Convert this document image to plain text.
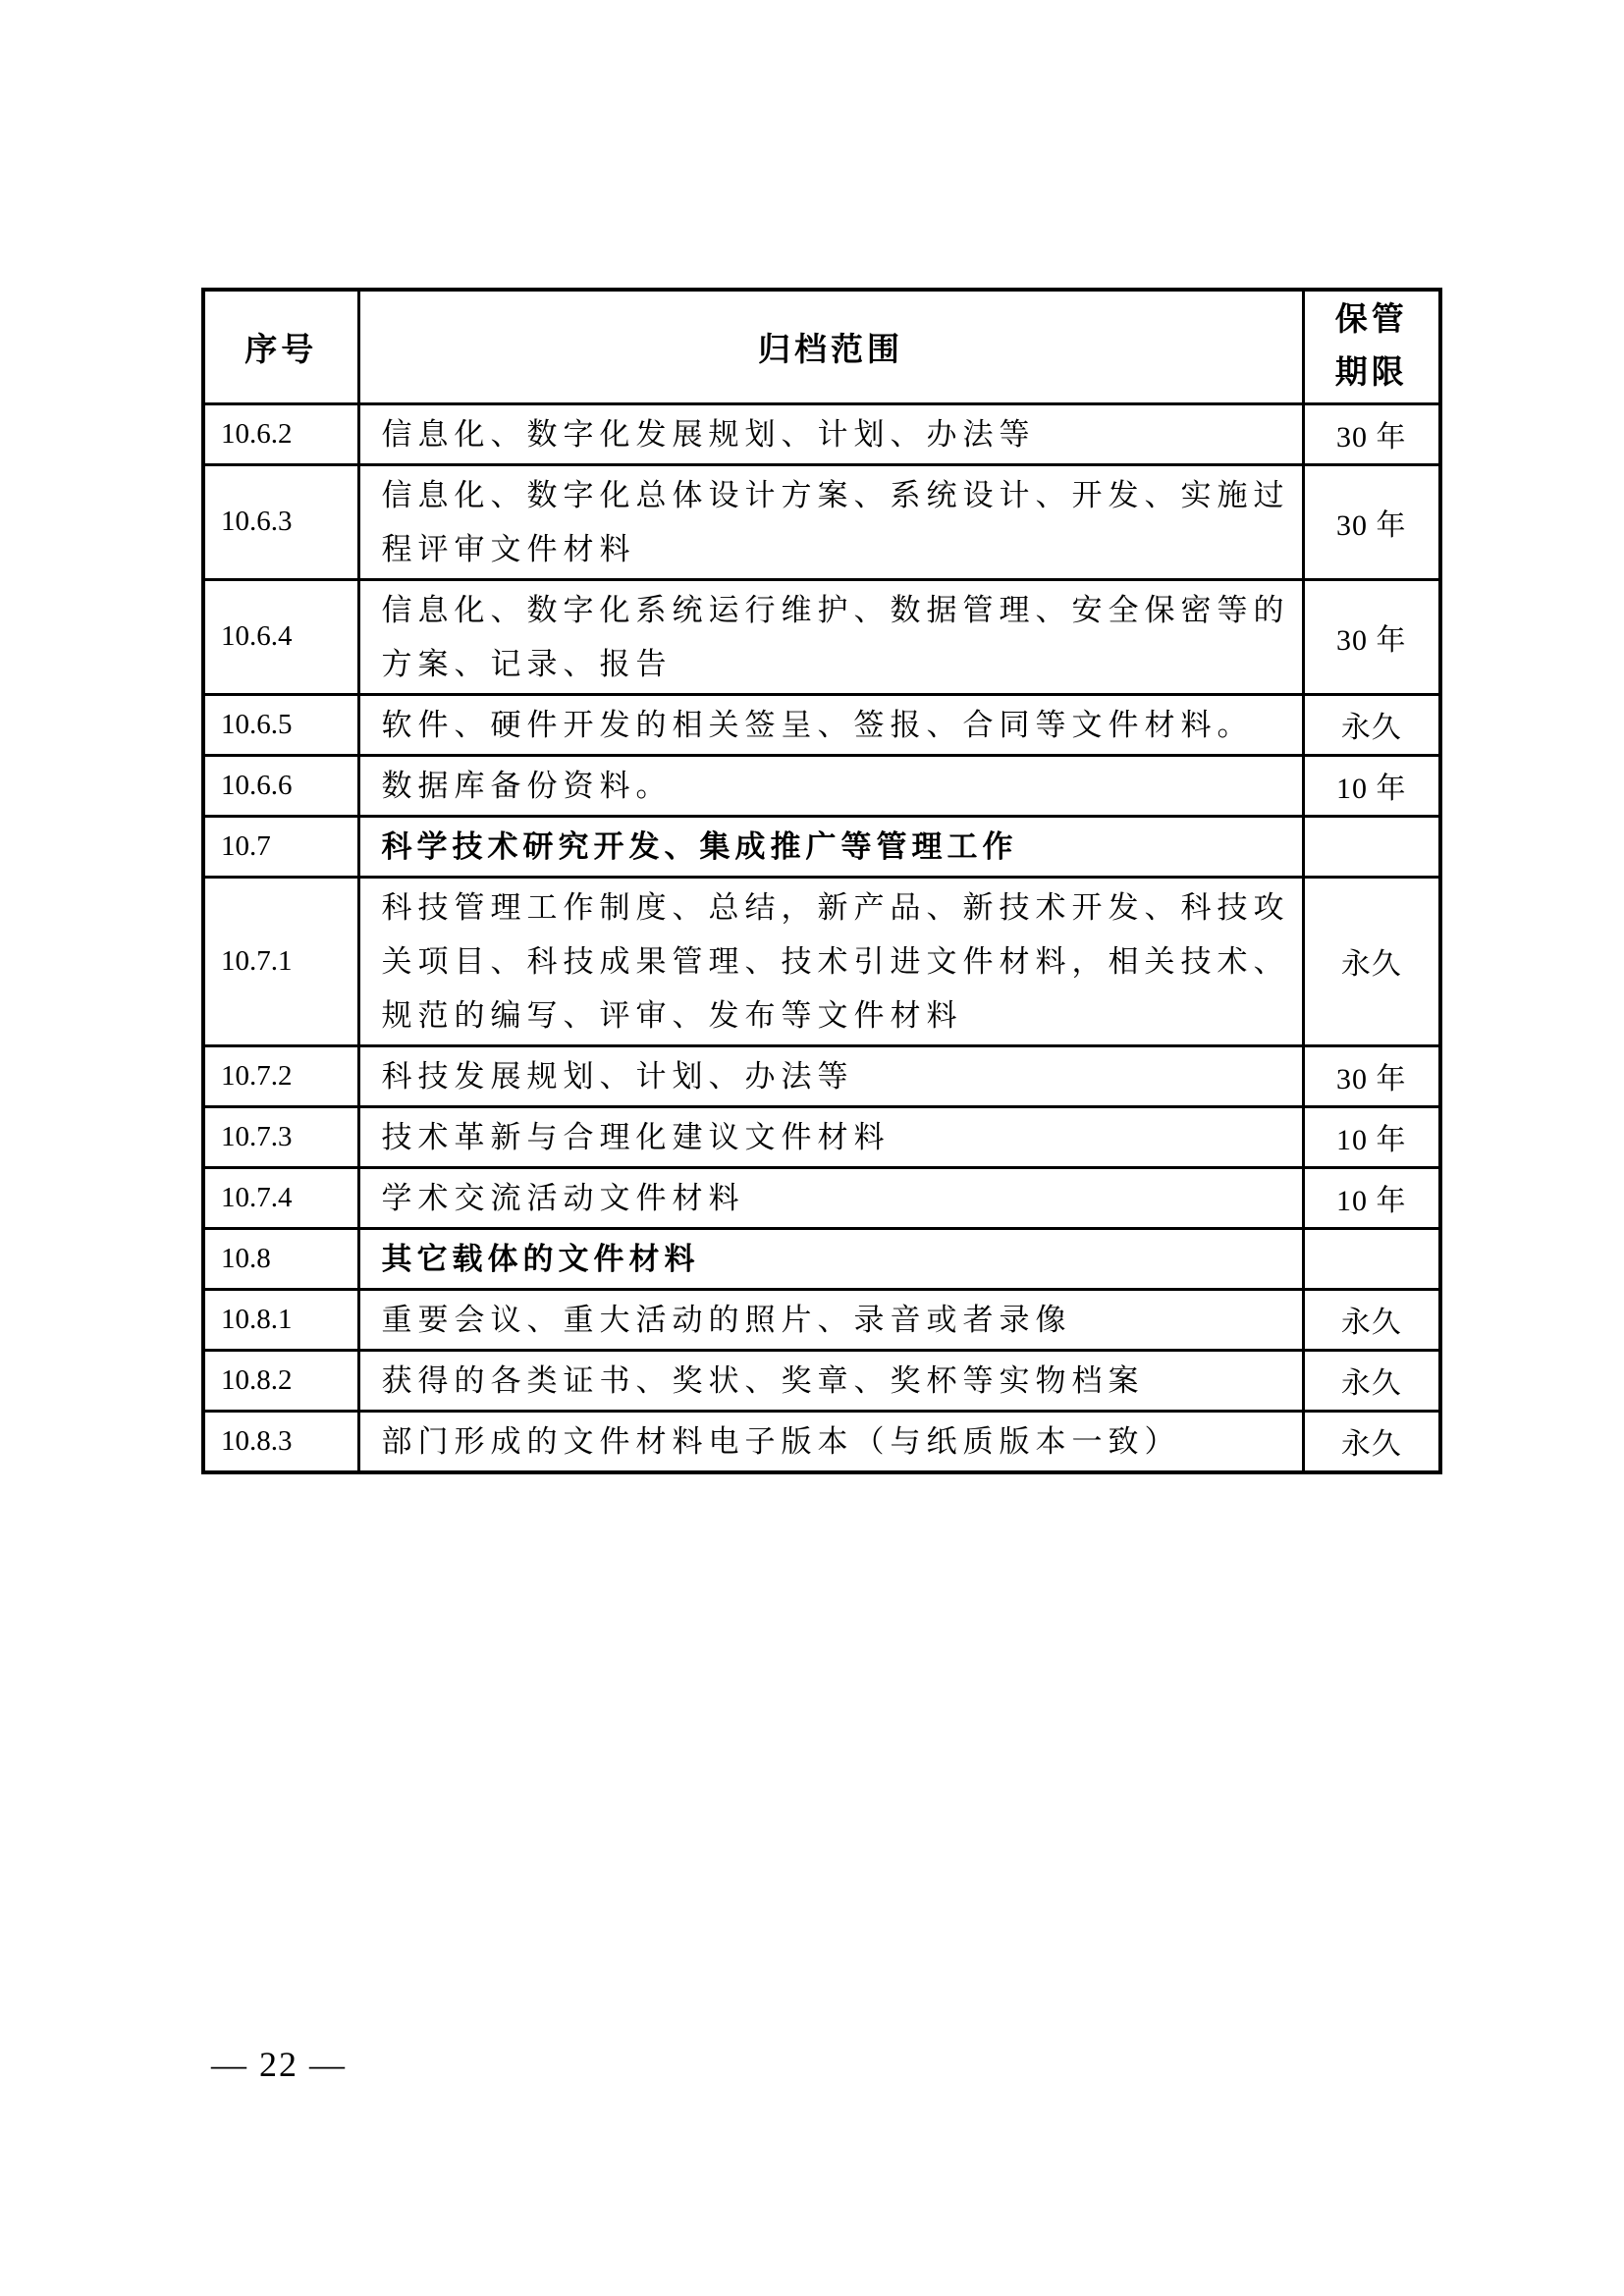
序号	归档范围	保管期限

10.6.2	信息化、数字化发展规划、计划、办法等	30 年
10.6.3	信息化、数字化总体设计方案、系统设计、开发、实施过程评审文件材料	30 年
10.6.4	信息化、数字化系统运行维护、数据管理、安全保密等的方案、记录、报告	30 年
10.6.5	软件、硬件开发的相关签呈、签报、合同等文件材料。	永久
10.6.6	数据库备份资料。	10 年
10.7	科学技术研究开发、集成推广等管理工作	
10.7.1	科技管理工作制度、总结，新产品、新技术开发、科技攻关项目、科技成果管理、技术引进文件材料，相关技术、规范的编写、评审、发布等文件材料	永久
10.7.2	科技发展规划、计划、办法等	30 年
10.7.3	技术革新与合理化建议文件材料	10 年
10.7.4	学术交流活动文件材料	10 年
10.8	其它载体的文件材料	
10.8.1	重要会议、重大活动的照片、录音或者录像	永久
10.8.2	获得的各类证书、奖状、奖章、奖杯等实物档案	永久
10.8.3	部门形成的文件材料电子版本（与纸质版本一致）	永久
— 22 —
